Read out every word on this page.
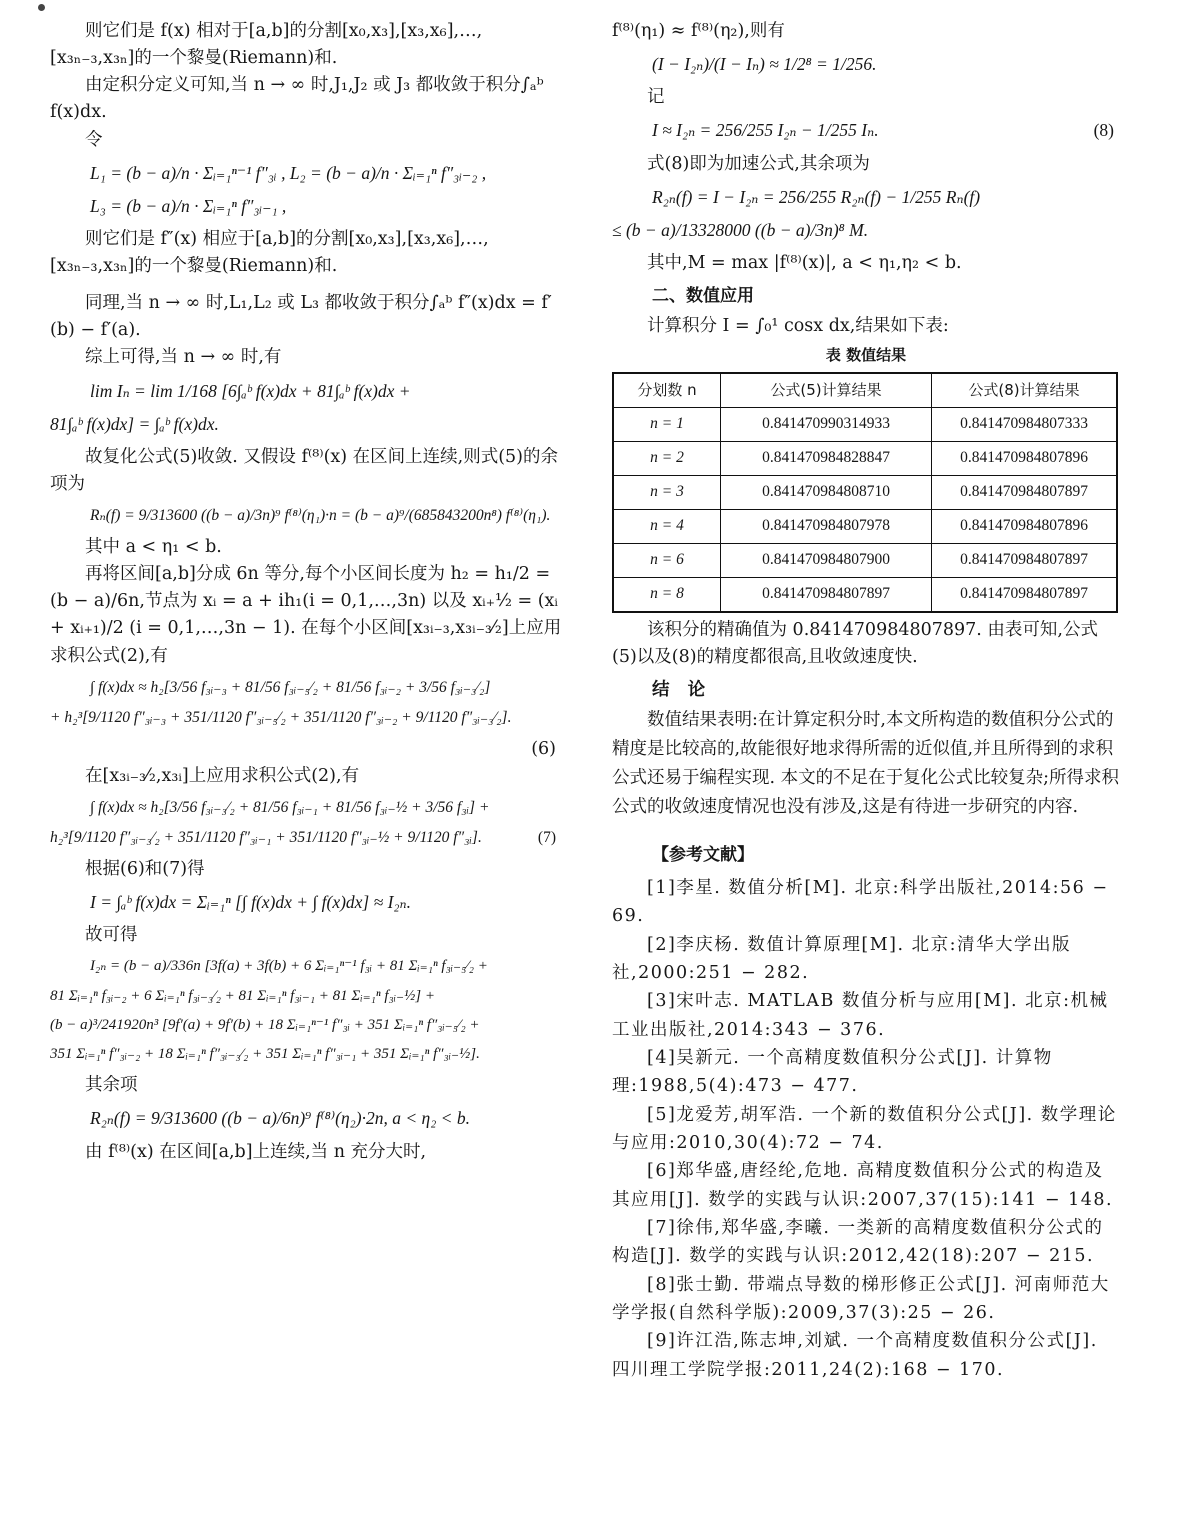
则它们是 f(x) 相对于[a,b]的分割[x₀,x₃],[x₃,x₆],…,[x₃ₙ₋₃,x₃ₙ]的一个黎曼(Riemann)和.

由定积分定义可知,当 n → ∞ 时,J₁,J₂ 或 J₃ 都收敛于积分∫ₐᵇ f(x)dx.

令

L₁ = (b − a)/n · Σᵢ₌₁ⁿ⁻¹ f″₃ᵢ , L₂ = (b − a)/n · Σᵢ₌₁ⁿ f″₃ᵢ₋₂ ,
L₃ = (b − a)/n · Σᵢ₌₁ⁿ f″₃ᵢ₋₁ ,

则它们是 f″(x) 相应于[a,b]的分割[x₀,x₃],[x₃,x₆],…,[x₃ₙ₋₃,x₃ₙ]的一个黎曼(Riemann)和.

同理,当 n → ∞ 时,L₁,L₂ 或 L₃ 都收敛于积分∫ₐᵇ f″(x)dx = f′(b) − f′(a).

综上可得,当 n → ∞ 时,有

lim Iₙ = lim 1/168 [6∫ₐᵇ f(x)dx + 81∫ₐᵇ f(x)dx +
81∫ₐᵇ f(x)dx] = ∫ₐᵇ f(x)dx.

故复化公式(5)收敛. 又假设 f⁽⁸⁾(x) 在区间上连续,则式(5)的余项为

Rₙ(f) = 9/313600 ((b − a)/3n)⁹ f⁽⁸⁾(η₁)·n = (b − a)⁹/(685843200n⁸) f⁽⁸⁾(η₁).

其中 a < η₁ < b.

再将区间[a,b]分成 6n 等分,每个小区间长度为 h₂ = h₁/2 = (b − a)/6n,节点为 xᵢ = a + ih₁(i = 0,1,…,3n) 以及 xᵢ₊½ = (xᵢ + xᵢ₊₁)/2 (i = 0,1,…,3n − 1). 在每个小区间[x₃ᵢ₋₃,x₃ᵢ₋₃⁄₂]上应用求积公式(2),有

∫ f(x)dx ≈ h₂[3/56 f₃ᵢ₋₃ + 81/56 f₃ᵢ₋₅⁄₂ + 81/56 f₃ᵢ₋₂ + 3/56 f₃ᵢ₋₃⁄₂]
+ h₂³[9/1120 f″₃ᵢ₋₃ + 351/1120 f″₃ᵢ₋₅⁄₂ + 351/1120 f″₃ᵢ₋₂ + 9/1120 f″₃ᵢ₋₃⁄₂].
(6)

在[x₃ᵢ₋₃⁄₂,x₃ᵢ]上应用求积公式(2),有

∫ f(x)dx ≈ h₂[3/56 f₃ᵢ₋₃⁄₂ + 81/56 f₃ᵢ₋₁ + 81/56 f₃ᵢ₋½ + 3/56 f₃ᵢ] +
h₂³[9/1120 f″₃ᵢ₋₃⁄₂ + 351/1120 f″₃ᵢ₋₁ + 351/1120 f″₃ᵢ₋½ + 9/1120 f″₃ᵢ].	(7)

根据(6)和(7)得

I = ∫ₐᵇ f(x)dx = Σᵢ₌₁ⁿ [∫ f(x)dx + ∫ f(x)dx] ≈ I₂ₙ.

故可得

I₂ₙ = (b − a)/336n [3f(a) + 3f(b) + 6 Σᵢ₌₁ⁿ⁻¹ f₃ᵢ + 81 Σᵢ₌₁ⁿ f₃ᵢ₋₅⁄₂ +
81 Σᵢ₌₁ⁿ f₃ᵢ₋₂ + 6 Σᵢ₌₁ⁿ f₃ᵢ₋₃⁄₂ + 81 Σᵢ₌₁ⁿ f₃ᵢ₋₁ + 81 Σᵢ₌₁ⁿ f₃ᵢ₋½] +
(b − a)³/241920n³ [9f′(a) + 9f′(b) + 18 Σᵢ₌₁ⁿ⁻¹ f″₃ᵢ + 351 Σᵢ₌₁ⁿ f″₃ᵢ₋₅⁄₂ +
351 Σᵢ₌₁ⁿ f″₃ᵢ₋₂ + 18 Σᵢ₌₁ⁿ f″₃ᵢ₋₃⁄₂ + 351 Σᵢ₌₁ⁿ f″₃ᵢ₋₁ + 351 Σᵢ₌₁ⁿ f″₃ᵢ₋½].

其余项

R₂ₙ(f) = 9/313600 ((b − a)/6n)⁹ f⁽⁸⁾(η₂)·2n, a < η₂ < b.

由 f⁽⁸⁾(x) 在区间[a,b]上连续,当 n 充分大时,

f⁽⁸⁾(η₁) ≈ f⁽⁸⁾(η₂),则有

(I − I₂ₙ)/(I − Iₙ) ≈ 1/2⁸ = 1/256.

记

I ≈ I₂ₙ = 256/255 I₂ₙ − 1/255 Iₙ.	(8)

式(8)即为加速公式,其余项为

R₂ₙ(f) = I − I₂ₙ = 256/255 R₂ₙ(f) − 1/255 Rₙ(f)
≤ (b − a)/13328000 ((b − a)/3n)⁸ M.

其中,M = max |f⁽⁸⁾(x)|, a < η₁,η₂ < b.

二、数值应用

计算积分 I = ∫₀¹ cosx dx,结果如下表:

表 数值结果
分划数 n	公式(5)计算结果	公式(8)计算结果
n = 1	0.841470990314933	0.841470984807333
n = 2	0.841470984828847	0.841470984807896
n = 3	0.841470984808710	0.841470984807897
n = 4	0.841470984807978	0.841470984807896
n = 6	0.841470984807900	0.841470984807897
n = 8	0.841470984807897	0.841470984807897

该积分的精确值为 0.841470984807897. 由表可知,公式(5)以及(8)的精度都很高,且收敛速度快.

结 论

数值结果表明:在计算定积分时,本文所构造的数值积分公式的精度是比较高的,故能很好地求得所需的近似值,并且所得到的求积公式还易于编程实现. 本文的不足在于复化公式比较复杂;所得求积公式的收敛速度情况也没有涉及,这是有待进一步研究的内容.

【参考文献】

[1]李星. 数值分析[M]. 北京:科学出版社,2014:56 − 69.

[2]李庆杨. 数值计算原理[M]. 北京:清华大学出版社,2000:251 − 282.

[3]宋叶志. MATLAB 数值分析与应用[M]. 北京:机械工业出版社,2014:343 − 376.

[4]吴新元. 一个高精度数值积分公式[J]. 计算物理:1988,5(4):473 − 477.

[5]龙爱芳,胡军浩. 一个新的数值积分公式[J]. 数学理论与应用:2010,30(4):72 − 74.

[6]郑华盛,唐经纶,危地. 高精度数值积分公式的构造及其应用[J]. 数学的实践与认识:2007,37(15):141 − 148.

[7]徐伟,郑华盛,李曦. 一类新的高精度数值积分公式的构造[J]. 数学的实践与认识:2012,42(18):207 − 215.

[8]张士勤. 带端点导数的梯形修正公式[J]. 河南师范大学学报(自然科学版):2009,37(3):25 − 26.

[9]许江浩,陈志坤,刘斌. 一个高精度数值积分公式[J]. 四川理工学院学报:2011,24(2):168 − 170.
